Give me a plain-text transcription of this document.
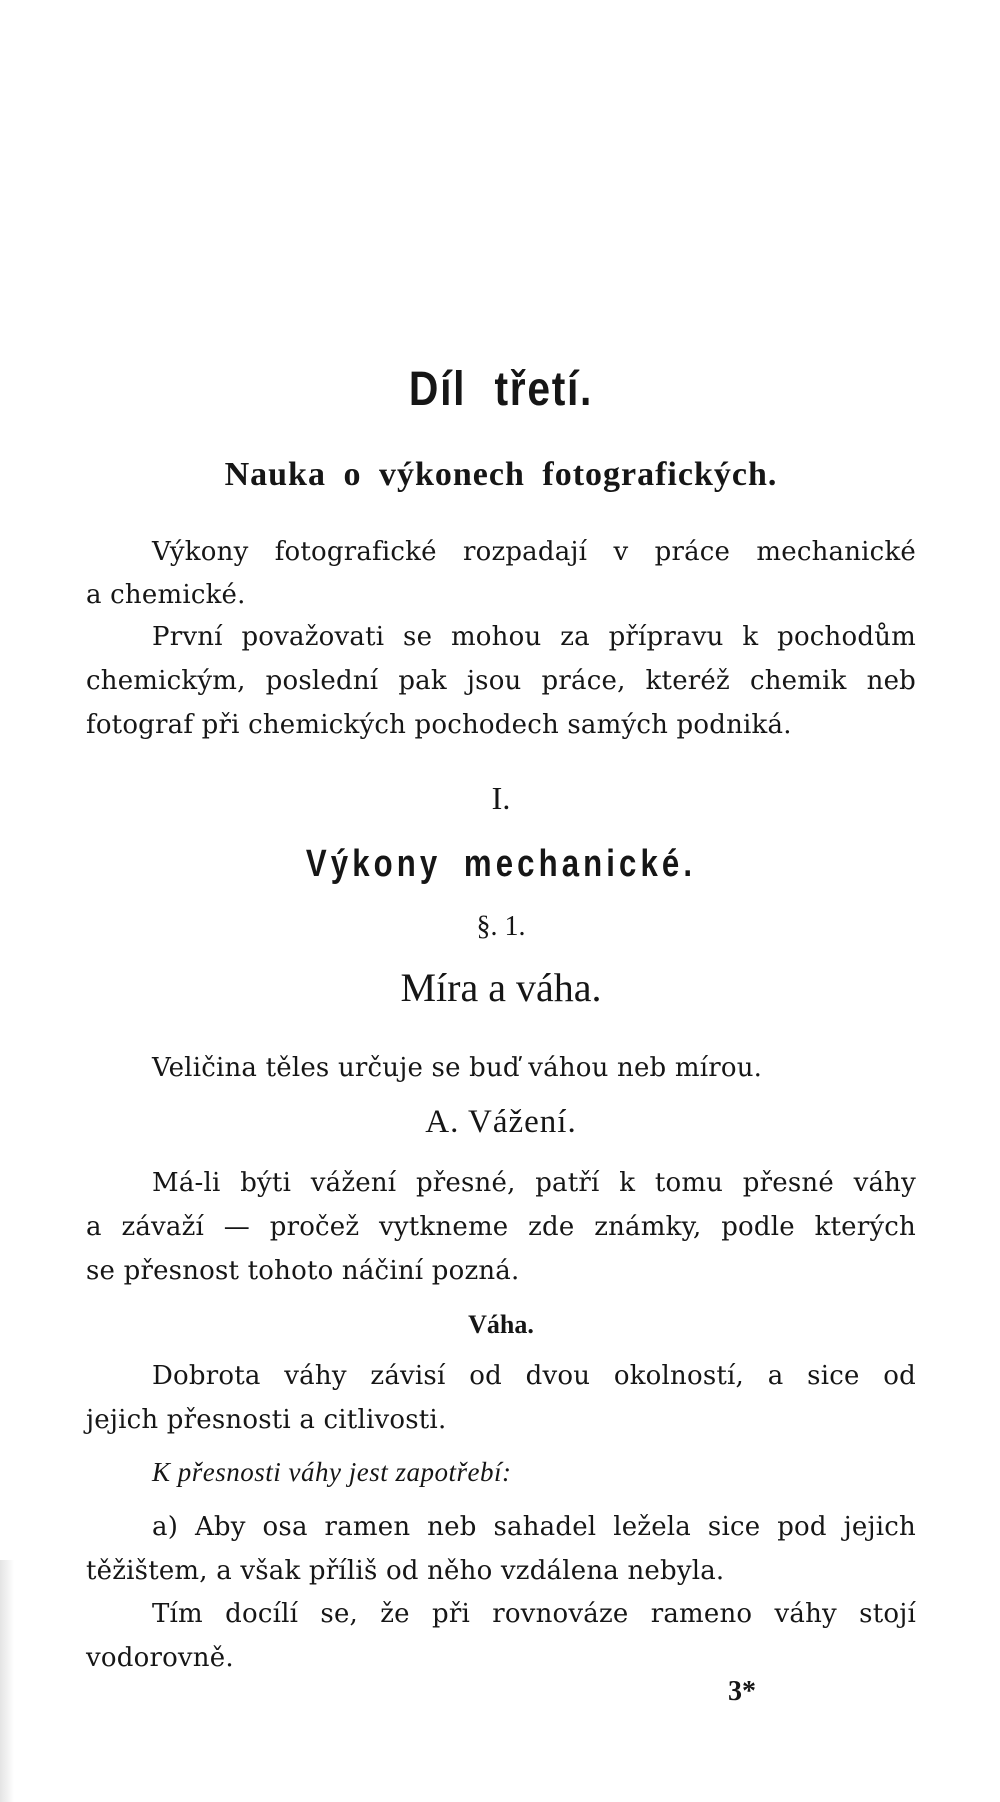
Díl třetí.
Nauka o výkonech fotografických.
Výkony fotografické rozpadají v práce mechanické
a chemické.
První považovati se mohou za přípravu k pochodům
chemickým, poslední pak jsou práce, kteréž chemik neb
fotograf při chemických pochodech samých podniká.
I.
Výkony mechanické.
§. 1.
Míra a váha.
Veličina těles určuje se buď váhou neb mírou.
A. Vážení.
Má-li býti vážení přesné, patří k tomu přesné váhy
a závaží — pročež vytkneme zde známky, podle kterých
se přesnost tohoto náčiní pozná.
Váha.
Dobrota váhy závisí od dvou okolností, a sice od
jejich přesnosti a citlivosti.
K přesnosti váhy jest zapotřebí:
a) Aby osa ramen neb sahadel ležela sice pod jejich
těžištem, a však příliš od něho vzdálena nebyla.
Tím docílí se, že při rovnováze rameno váhy stojí
vodorovně.
3*
